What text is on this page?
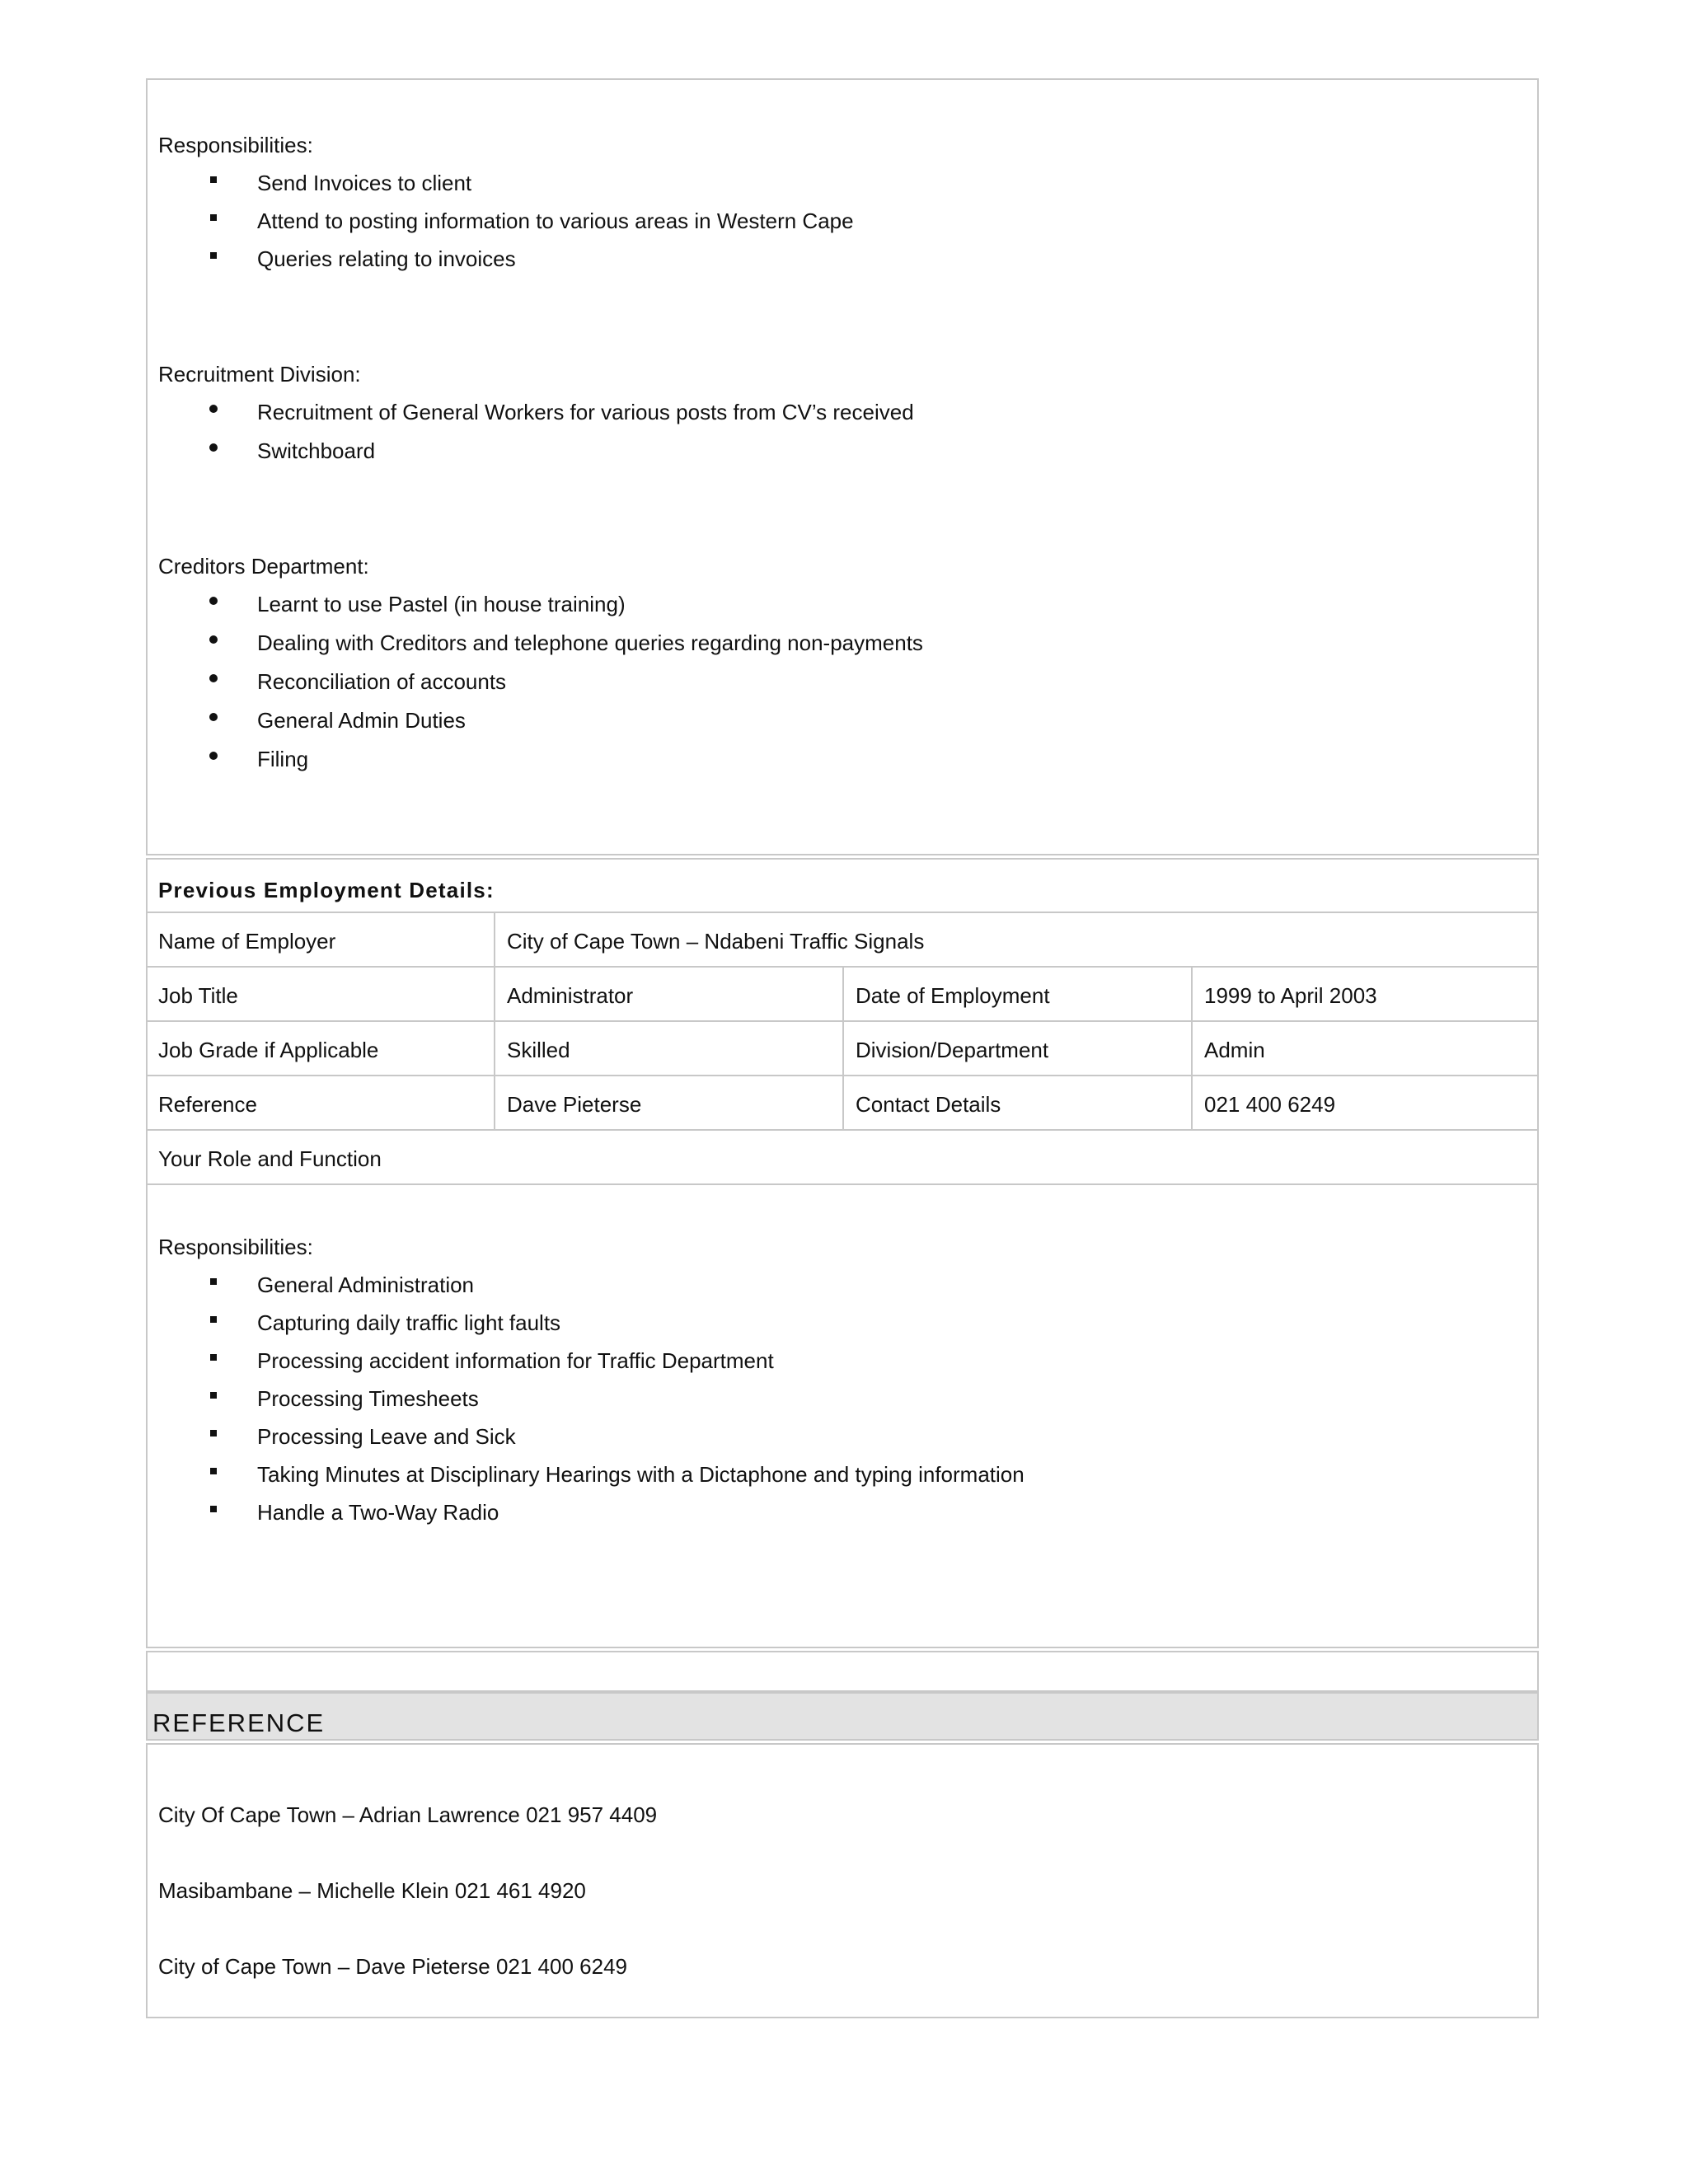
Responsibilities:
Send Invoices to client
Attend to posting information to various areas in Western Cape
Queries relating to invoices
Recruitment Division:
Recruitment of General Workers for various posts from CV’s received
Switchboard
Creditors Department:
Learnt to use Pastel (in house training)
Dealing with Creditors and telephone queries regarding non-payments
Reconciliation of accounts
General Admin Duties
Filing
Previous Employment Details:
Name of Employer	City of Cape Town – Ndabeni Traffic Signals
Job Title	Administrator	Date of Employment	1999 to April 2003
Job Grade if Applicable	Skilled	Division/Department	Admin
Reference	Dave Pieterse	Contact Details	021 400 6249
Your Role and Function
Responsibilities:
General Administration
Capturing daily traffic light faults
Processing accident information for Traffic Department
Processing Timesheets
Processing Leave and Sick
Taking Minutes at Disciplinary Hearings with a Dictaphone and typing information
Handle a Two-Way Radio
REFERENCE
City Of Cape Town – Adrian Lawrence 021 957 4409
Masibambane – Michelle Klein 021 461 4920
City of Cape Town – Dave Pieterse 021 400 6249
